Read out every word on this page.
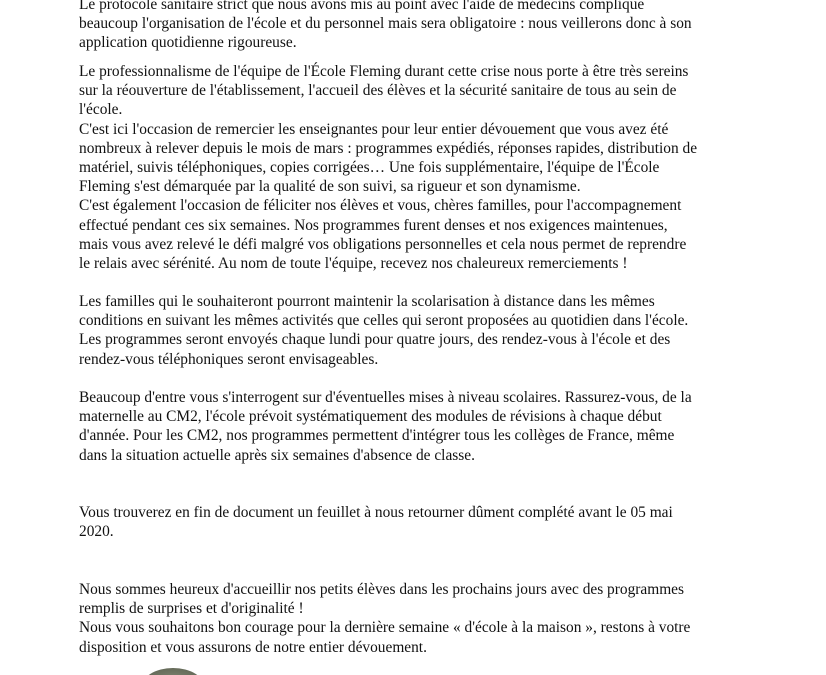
Le protocole sanitaire strict que nous avons mis au point avec l'aide de médecins complique
beaucoup l'organisation de l'école et du personnel mais sera obligatoire : nous veillerons donc à son
application quotidienne rigoureuse.

Le professionnalisme de l'équipe de l'École Fleming durant cette crise nous porte à être très sereins
sur la réouverture de l'établissement, l'accueil des élèves et la sécurité sanitaire de tous au sein de
l'école.
C'est ici l'occasion de remercier les enseignantes pour leur entier dévouement que vous avez été
nombreux à relever depuis le mois de mars : programmes expédiés, réponses rapides, distribution de
matériel, suivis téléphoniques, copies corrigées… Une fois supplémentaire, l'équipe de l'École
Fleming s'est démarquée par la qualité de son suivi, sa rigueur et son dynamisme.
C'est également l'occasion de féliciter nos élèves et vous, chères familles, pour l'accompagnement
effectué pendant ces six semaines. Nos programmes furent denses et nos exigences maintenues,
mais vous avez relevé le défi malgré vos obligations personnelles et cela nous permet de reprendre
le relais avec sérénité. Au nom de toute l'équipe, recevez nos chaleureux remerciements !

Les familles qui le souhaiteront pourront maintenir la scolarisation à distance dans les mêmes
conditions en suivant les mêmes activités que celles qui seront proposées au quotidien dans l'école.
Les programmes seront envoyés chaque lundi pour quatre jours, des rendez-vous à l'école et des
rendez-vous téléphoniques seront envisageables.

Beaucoup d'entre vous s'interrogent sur d'éventuelles mises à niveau scolaires. Rassurez-vous, de la
maternelle au CM2, l'école prévoit systématiquement des modules de révisions à chaque début
d'année. Pour les CM2, nos programmes permettent d'intégrer tous les collèges de France, même
dans la situation actuelle après six semaines d'absence de classe.

Vous trouverez en fin de document un feuillet à nous retourner dûment complété avant le 05 mai
2020.

Nous sommes heureux d'accueillir nos petits élèves dans les prochains jours avec des programmes
remplis de surprises et d'originalité !
Nous vous souhaitons bon courage pour la dernière semaine « d'école à la maison », restons à votre
disposition et vous assurons de notre entier dévouement.
